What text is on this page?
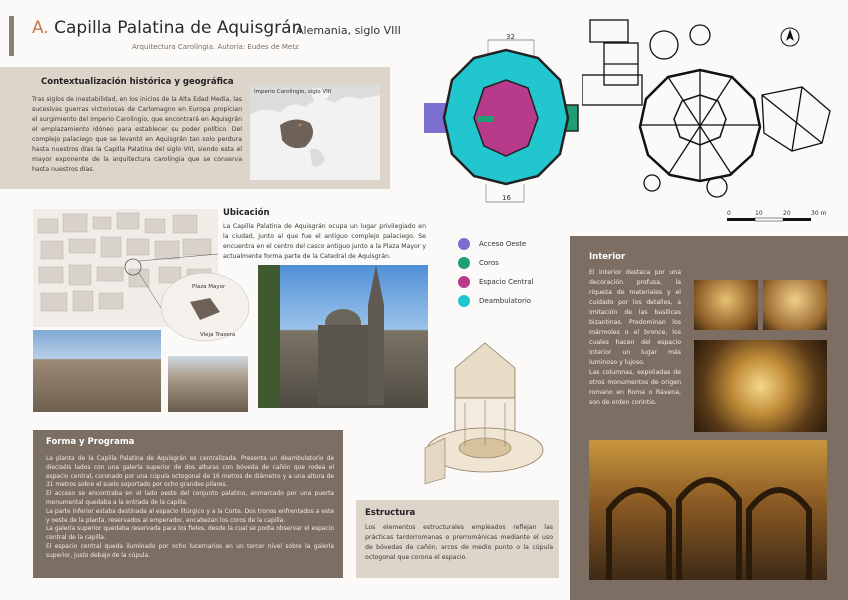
A. Capilla Palatina de Aquisgrán
Alemania, siglo VIII
Arquitectura Carolingia. Autoría: Eudes de Metz
Contextualización histórica y geográfica
Tras siglos de inestabilidad, en los inicios de la Alta Edad Media, las sucesivas guerras victoriosas de Carlomagno en Europa propician el surgimiento del Imperio Carolingio, que encontrará en Aquisgrán el emplazamiento idóneo para establecer su poder político. Del complejo palaciego que se levantó en Aquisgrán tan solo perdura hasta nuestros días la Capilla Palatina del siglo VIII, siendo esta el mayor exponente de la arquitectura carolingia que se conserva hasta nuestros días.
Imperio Carolingio, siglo VIII
32
16
0	10	20	30 m
Plaza Mayor
Vieja Trasera
Ubicación
La Capilla Palatina de Aquisgrán ocupa un lugar privilegiado en la ciudad, junto al que fue el antiguo complejo palaciego. Se encuentra en el centro del casco antiguo junto a la Plaza Mayor y actualmente forma parte de la Catedral de Aquisgrán.
Acceso Oeste
Coros
Espacio Central
Deambulatorio
Interior
El interior destaca por una decoración profusa, la riqueza de materiales y el cuidado por los detalles, a imitación de las basílicas bizantinas. Predominan los mármoles o el bronce, los cuales hacen del espacio interior un lugar más luminoso y lujoso.
Las columnas, expoliadas de otros monumentos de origen romano en Roma o Rávena, son de orden corintio.
Forma y Programa
La planta de la Capilla Palatina de Aquisgrán es centralizada. Presenta un deambulatorio de dieciséis lados con una galería superior de dos alturas con bóveda de cañón que rodea el espacio central, coronado por una cúpula octogonal de 16 metros de diámetro y a una altura de 31 metros sobre el suelo soportado por ocho grandes pilares.
El acceso se encontraba en el lado oeste del conjunto palatino, enmarcado por una puerta monumental quedaba a la entrada de la capilla.
La parte inferior estaba destinada al espacio litúrgico y a la Corte. Dos tronos enfrentados a este y oeste de la planta, reservados al emperador, encabezan los coros de la capilla.
La galería superior quedaba reservada para los fieles, desde la cual se podía observar el espacio central de la capilla.
El espacio central queda iluminado por ocho lucernarios en un tercer nivel sobre la galería superior, justo debajo de la cúpula.
Estructura
Los elementos estructurales empleados reflejan las prácticas tardorromanas o prerrománicas mediante el uso de bóvedas de cañón, arcos de medio punto o la cúpula octogonal que corona el espacio.
